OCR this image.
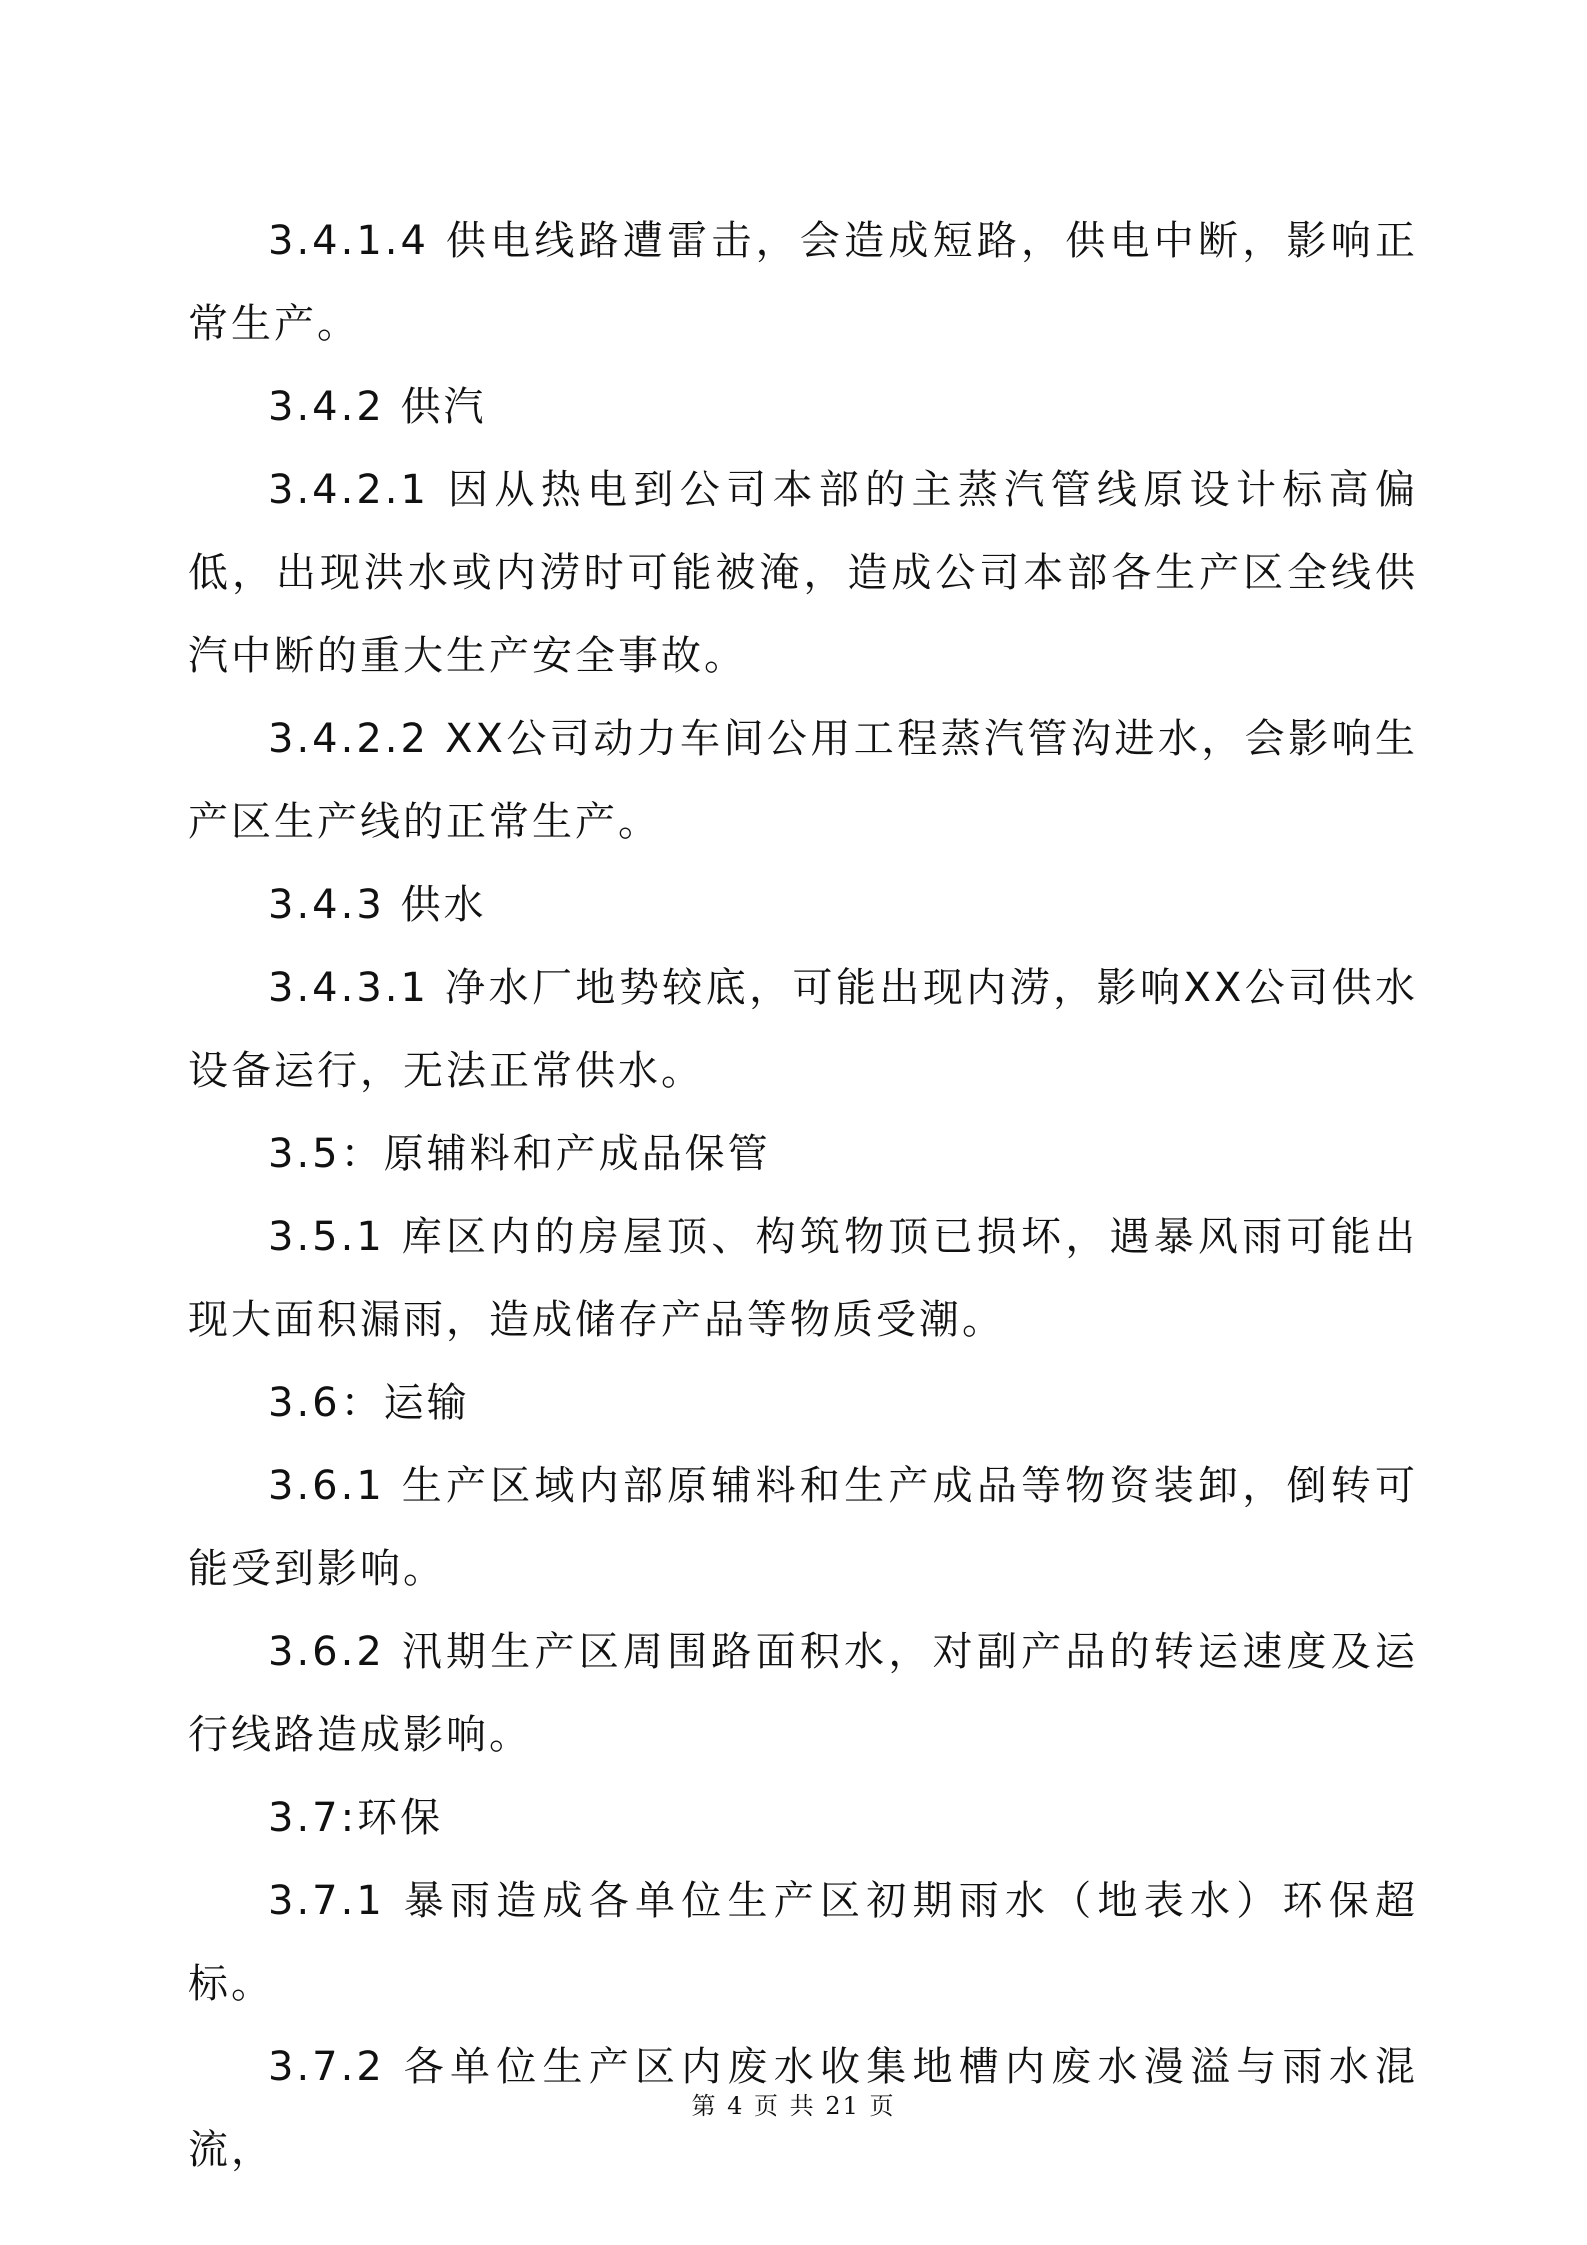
3.4.1.4 供电线路遭雷击，会造成短路，供电中断，影响正常生产。

3.4.2 供汽

3.4.2.1 因从热电到公司本部的主蒸汽管线原设计标高偏低，出现洪水或内涝时可能被淹，造成公司本部各生产区全线供汽中断的重大生产安全事故。

3.4.2.2 XX公司动力车间公用工程蒸汽管沟进水，会影响生产区生产线的正常生产。

3.4.3 供水

3.4.3.1 净水厂地势较底，可能出现内涝，影响XX公司供水设备运行，无法正常供水。

3.5：原辅料和产成品保管

3.5.1 库区内的房屋顶、构筑物顶已损坏，遇暴风雨可能出现大面积漏雨，造成储存产品等物质受潮。

3.6：运输

3.6.1 生产区域内部原辅料和生产成品等物资装卸，倒转可能受到影响。

3.6.2 汛期生产区周围路面积水，对副产品的转运速度及运行线路造成影响。

3.7:环保

3.7.1 暴雨造成各单位生产区初期雨水（地表水）环保超标。

3.7.2 各单位生产区内废水收集地槽内废水漫溢与雨水混流，

第 4 页 共 21 页
